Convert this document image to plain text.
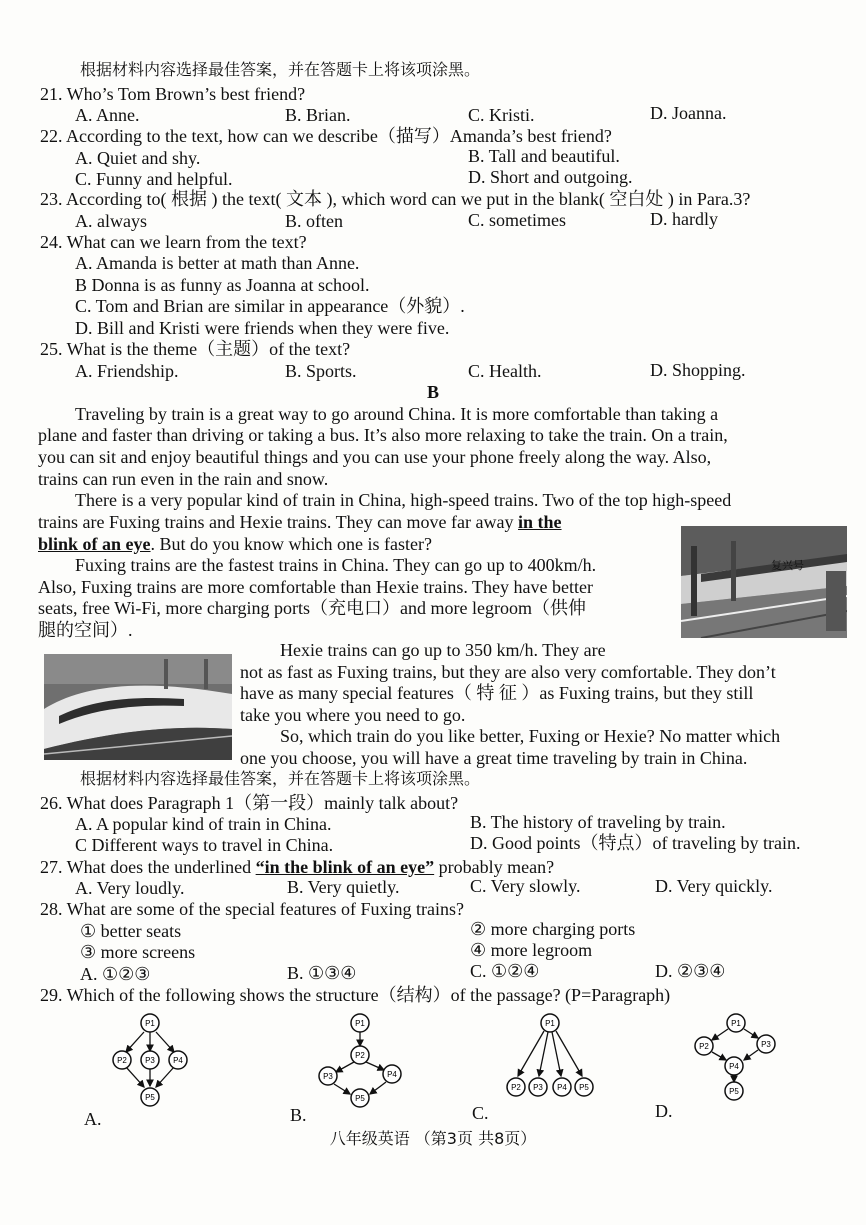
根据材料内容选择最佳答案，并在答题卡上将该项涂黑。
21. Who’s Tom Brown’s best friend?
A. Anne.	B. Brian.	C. Kristi.	D. Joanna.
22. According to the text, how can we describe（描写）Amanda’s best friend?
A. Quiet and shy.	B. Tall and beautiful.
C. Funny and helpful.	D. Short and outgoing.
23. According to( 根据 ) the text( 文本 ), which word can we put in the blank( 空白处 ) in Para.3?
A. always	B. often	C. sometimes	D. hardly
24. What can we learn from the text?
A. Amanda is better at math than Anne.
B Donna is as funny as Joanna at school.
C. Tom and Brian are similar in appearance（外貌）.
D. Bill and Kristi were friends when they were five.
25. What is the theme（主题）of the text?
A. Friendship.	B. Sports.	C. Health.	D. Shopping.
B
Traveling by train is a great way to go around China. It is more comfortable than taking a
plane and faster than driving or taking a bus. It’s also more relaxing to take the train. On a train,
you can sit and enjoy beautiful things and you can use your phone freely along the way. Also,
trains can run even in the rain and snow.
There is a very popular kind of train in China, high-speed trains. Two of the top high-speed
trains are Fuxing trains and Hexie trains. They can move far away in the
blink of an eye. But do you know which one is faster?
复兴号
Fuxing trains are the fastest trains in China. They can go up to 400km/h.
Also, Fuxing trains are more comfortable than Hexie trains. They have better
seats, free Wi-Fi, more charging ports（充电口）and more legroom（供伸
腿的空间）.
Hexie trains can go up to 350 km/h. They are
not as fast as Fuxing trains, but they are also very comfortable. They don’t
have as many special features（ 特 征 ）as Fuxing trains, but they still
take you where you need to go.
So, which train do you like better, Fuxing or Hexie? No matter which
one you choose, you will have a great time traveling by train in China.
根据材料内容选择最佳答案，并在答题卡上将该项涂黑。
26. What does Paragraph 1（第一段）mainly talk about?
A. A popular kind of train in China.	B. The history of traveling by train.
C Different ways to travel in China.	D. Good points（特点）of traveling by train.
27. What does the underlined “in the blink of an eye” probably mean?
A. Very loudly.	B. Very quietly.	C. Very slowly.	D. Very quickly.
28. What are some of the special features of Fuxing trains?
① better seats	② more charging ports
③ more screens	④ more legroom
A. ①②③	B. ①③④	C. ①②④	D. ②③④
29. Which of the following shows the structure（结构）of the passage? (P=Paragraph)
P1
P2 P3 P4
P5
A.
P1
P2
P3	P4
P5
B.
P1
P2 P3 P4 P5
C.
P1
P2	P3
P4
P5
D.
八年级英语 （第3页 共8页）
